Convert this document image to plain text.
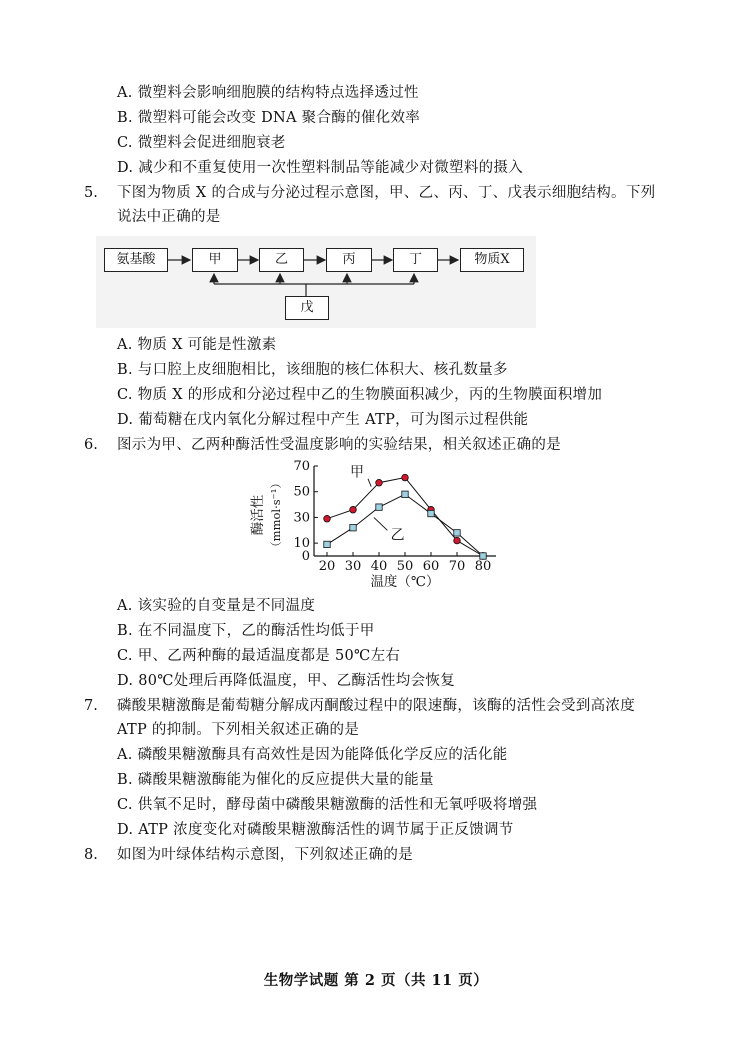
A. 微塑料会影响细胞膜的结构特点选择透过性
B. 微塑料可能会改变 DNA 聚合酶的催化效率
C. 微塑料会促进细胞衰老
D. 减少和不重复使用一次性塑料制品等能减少对微塑料的摄入
5. 下图为物质 X 的合成与分泌过程示意图，甲、乙、丙、丁、戊表示细胞结构。下列
说法中正确的是
氨基酸	甲	乙	丙	丁	物质X
戊
A. 物质 X 可能是性激素
B. 与口腔上皮细胞相比，该细胞的核仁体积大、核孔数量多
C. 物质 X 的形成和分泌过程中乙的生物膜面积减少，丙的生物膜面积增加
D. 葡萄糖在戊内氧化分解过程中产生 ATP，可为图示过程供能
6. 图示为甲、乙两种酶活性受温度影响的实验结果，相关叙述正确的是
0
10
30
50
70
20 30 40 50 60 70 80
温度（℃）
酶活性 （mmol·s⁻¹）
甲
乙
A. 该实验的自变量是不同温度
B. 在不同温度下，乙的酶活性均低于甲
C. 甲、乙两种酶的最适温度都是 50℃左右
D. 80℃处理后再降低温度，甲、乙酶活性均会恢复
7. 磷酸果糖激酶是葡萄糖分解成丙酮酸过程中的限速酶，该酶的活性会受到高浓度
ATP 的抑制。下列相关叙述正确的是
A. 磷酸果糖激酶具有高效性是因为能降低化学反应的活化能
B. 磷酸果糖激酶能为催化的反应提供大量的能量
C. 供氧不足时，酵母菌中磷酸果糖激酶的活性和无氧呼吸将增强
D. ATP 浓度变化对磷酸果糖激酶活性的调节属于正反馈调节
8. 如图为叶绿体结构示意图，下列叙述正确的是
生物学试题 第 2 页（共 11 页）
